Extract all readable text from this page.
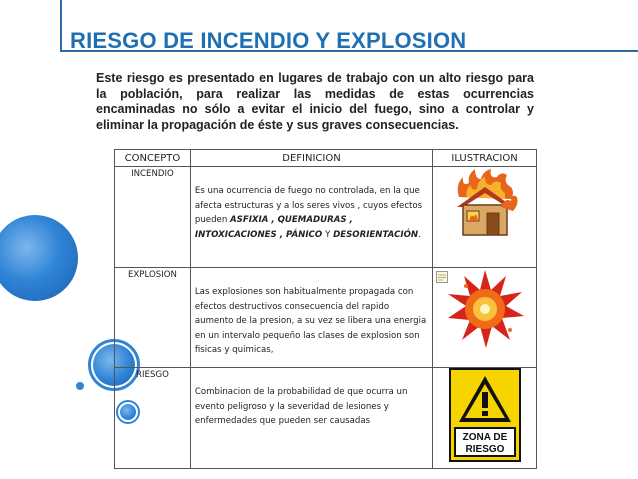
RIESGO DE INCENDIO Y EXPLOSION
Este riesgo es presentado en lugares de trabajo con un alto riesgo para la población, para realizar las medidas de estas ocurrencias encaminadas no sólo a evitar el inicio del fuego, sino a controlar y eliminar la propagación de éste y sus graves consecuencias.
CONCEPTO	DEFINICION	ILUSTRACION
INCENDIO	Es una ocurrencia de fuego no controlada, en la que afecta estructuras y a los seres vivos , cuyos efectos pueden ASFIXIA , QUEMADURAS , INTOXICACIONES , PÁNICO Y DESORIENTACIÓN.	
EXPLOSION	Las explosiones son habitualmente propagada con efectos destructivos consecuencia del rapido aumento de la presion, a su vez se libera una energia en un intervalo pequeño las clases de explosion son fisicas y quimicas,	

RIESGO	Combinacion de la probabilidad de que ocurra un evento peligroso y la severidad de lesiones y enfermedades que pueden ser causadas	ZONA DE
RIESGO
